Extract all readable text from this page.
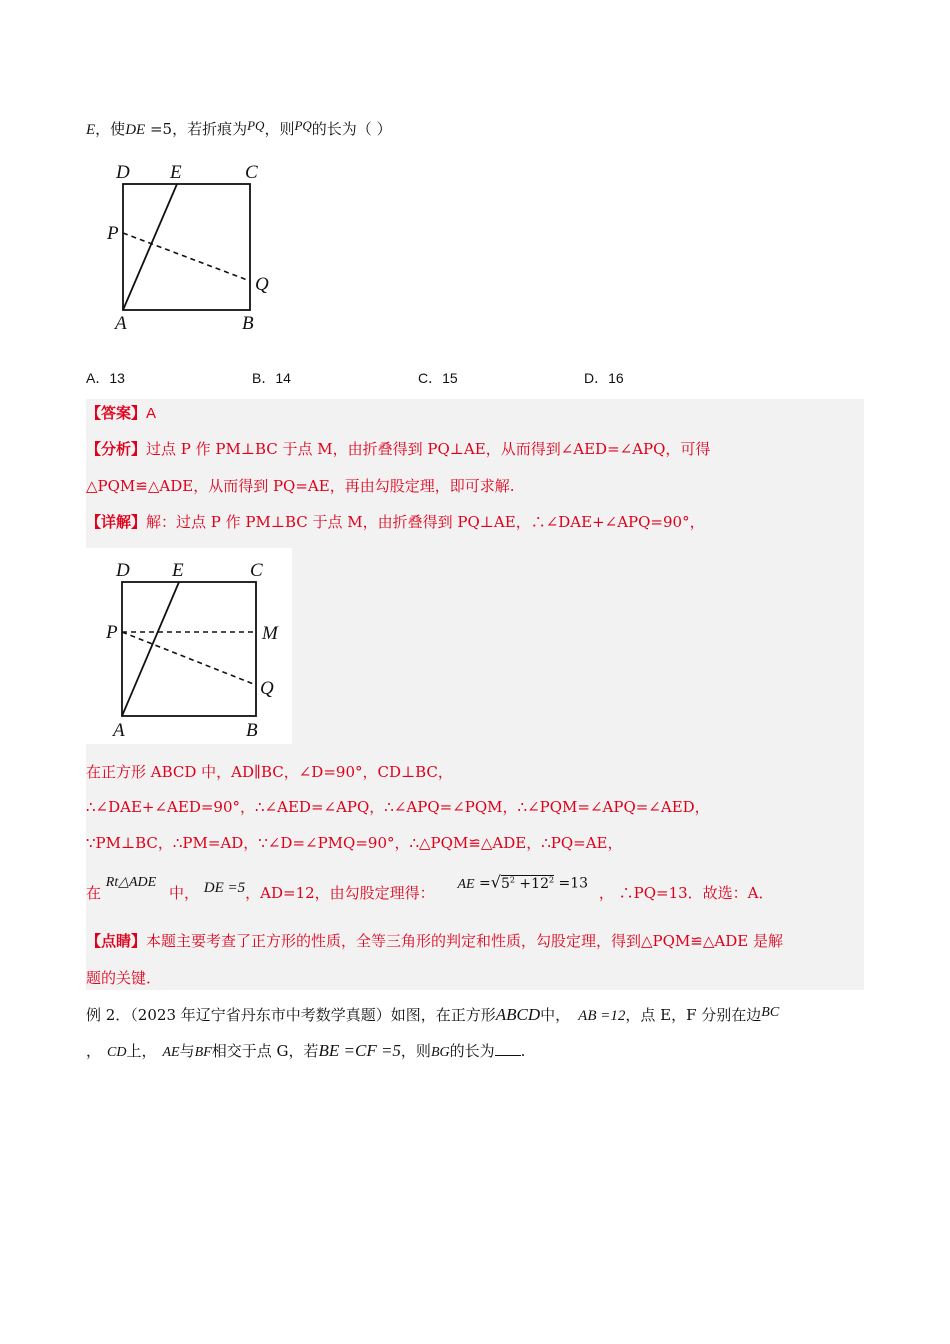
E，使DE =5，若折痕为PQ，则PQ的长为（ ）
D E	C
P
Q
A	B
A．13	B．14	C．15	D．16
【答案】A
【分析】过点 P 作 PM⊥BC 于点 M，由折叠得到 PQ⊥AE，从而得到∠AED=∠APQ，可得
△PQM≌△ADE，从而得到 PQ=AE，再由勾股定理，即可求解.
【详解】解：过点 P 作 PM⊥BC 于点 M，由折叠得到 PQ⊥AE，∴∠DAE+∠APQ=90°，
D E	C
P	M
Q
A	B
在正方形 ABCD 中，AD∥BC，∠D=90°，CD⊥BC，
∴∠DAE+∠AED=90°，∴∠AED=∠APQ，∴∠APQ=∠PQM，∴∠PQM=∠APQ=∠AED，
∵PM⊥BC，∴PM=AD，∵∠D=∠PMQ=90°，∴△PQM≌△ADE，∴PQ=AE，
在 Rt△ADE 中， DE =5，AD=12，由勾股定理得： AE $=√5^2 +12^2 =13$ ， ∴PQ=13．故选：A．
【点睛】本题主要考查了正方形的性质，全等三角形的判定和性质，勾股定理，得到△PQM≌△ADE 是解
题的关键．
例 2．（2023 年辽宁省丹东市中考数学真题）如图，在正方形ABCD中， AB =12，点 E，F 分别在边BC
， CD上， AE与BF相交于点 G，若BE =CF =5，则BG的长为 .
